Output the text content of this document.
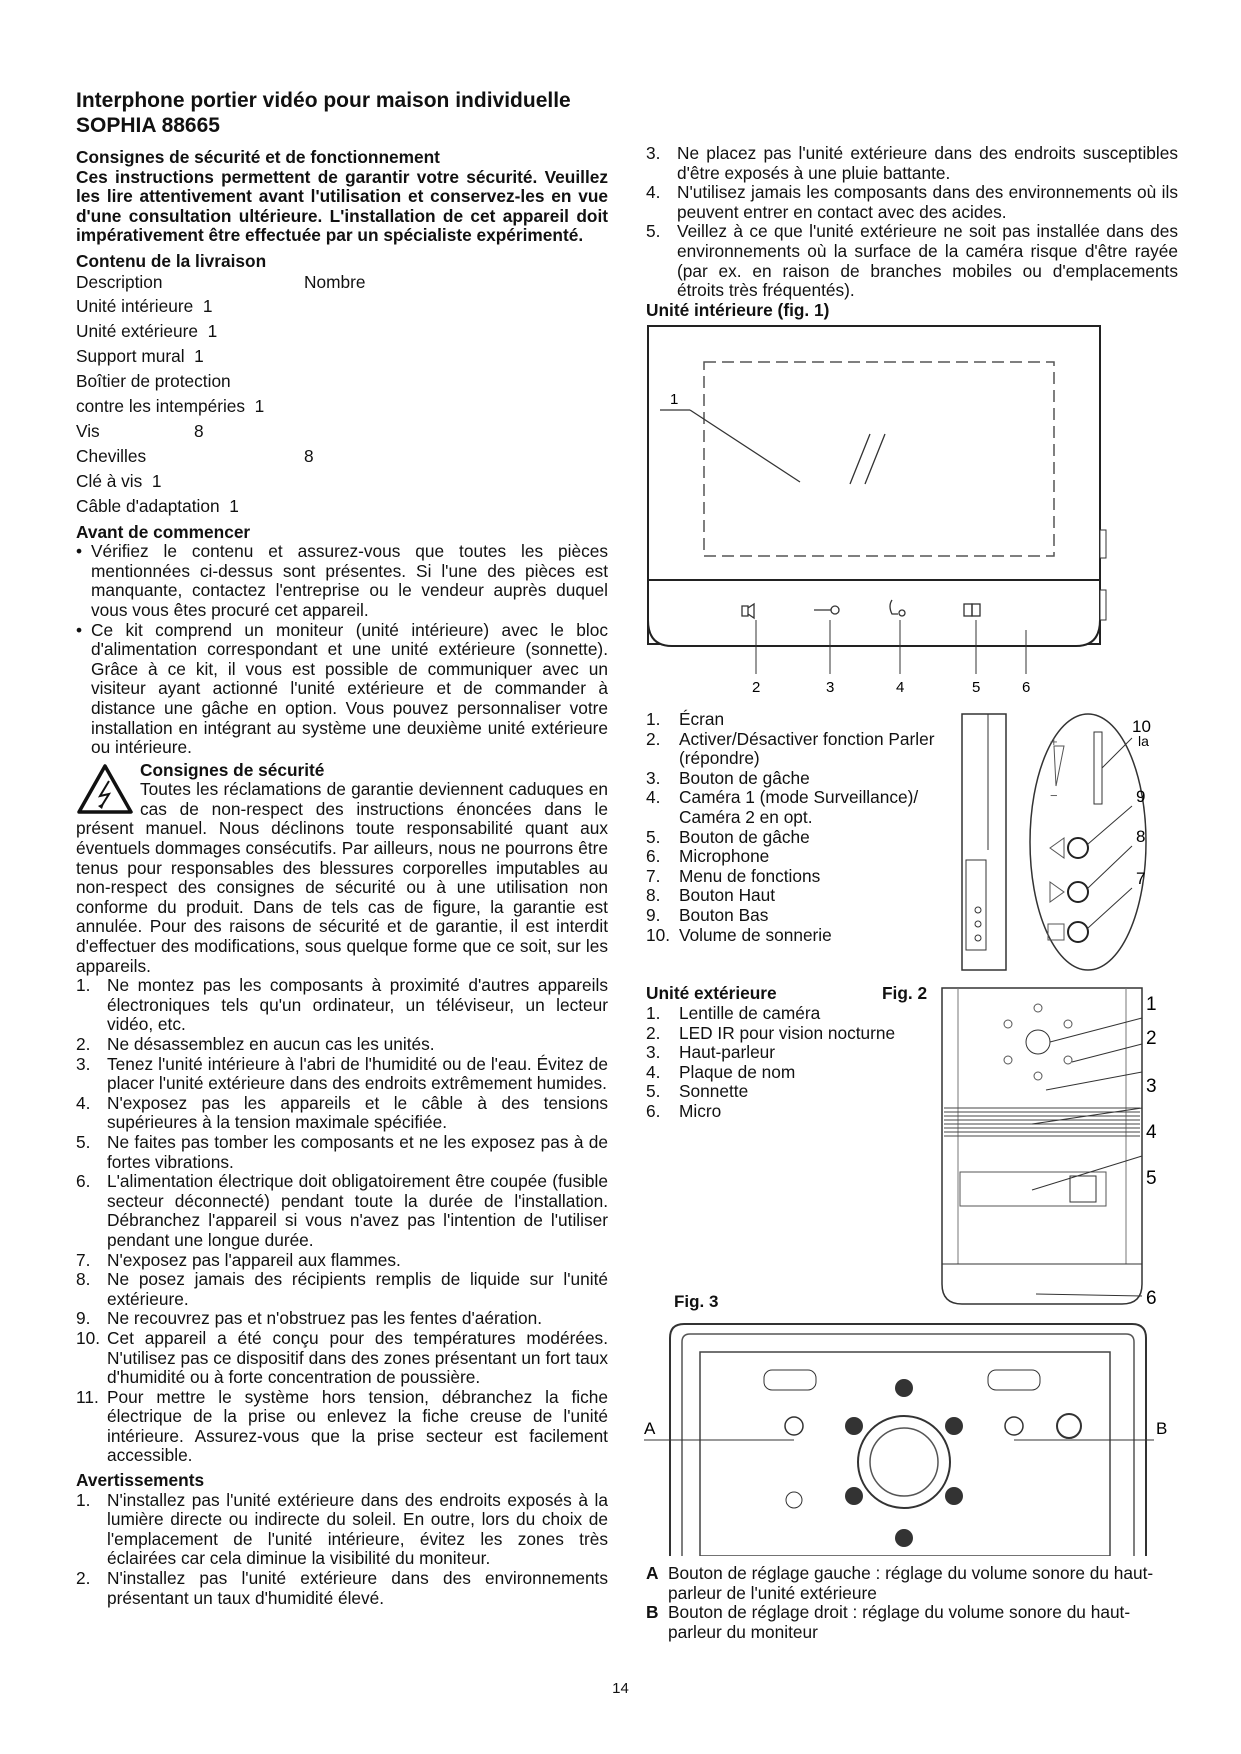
Interphone portier vidéo pour maison individuelle
SOPHIA 88665

Consignes de sécurité et de fonctionnement

Ces instructions permettent de garantir votre sécurité. Veuillez les lire attentivement avant l'utilisation et conservez-les en vue d'une consultation ultérieure. L'installation de cet appareil doit impérativement être effectuée par un spécialiste expérimenté.

Contenu de la livraison

Description	Nombre
Unité intérieure 1
Unité extérieure 1
Support mural 1
Boîtier de protection
contre les intempéries 1
Vis	8
Chevilles	8
Clé à vis 1
Câble d'adaptation 1

Avant de commencer

• Vérifiez le contenu et assurez-vous que toutes les pièces mentionnées ci-dessus sont présentes. Si l'une des pièces est manquante, contactez l'entreprise ou le vendeur auprès duquel vous vous êtes procuré cet appareil.
• Ce kit comprend un moniteur (unité intérieure) avec le bloc d'alimentation correspondant et une unité extérieure (sonnette). Grâce à ce kit, il vous est possible de communiquer avec un visiteur ayant actionné l'unité extérieure et de commander à distance une gâche en option. Vous pouvez personnaliser votre installation en intégrant au système une deuxième unité extérieure ou intérieure.

Consignes de sécurité

Toutes les réclamations de garantie deviennent caduques en cas de non-respect des instructions énoncées dans le présent manuel. Nous déclinons toute responsabilité quant aux éventuels dommages consécutifs. Par ailleurs, nous ne pourrons être tenus pour responsables des blessures corporelles imputables au non-respect des consignes de sécurité ou à une utilisation non conforme du produit. Dans de tels cas de figure, la garantie est annulée. Pour des raisons de sécurité et de garantie, il est interdit d'effectuer des modifications, sous quelque forme que ce soit, sur les appareils.

1. Ne montez pas les composants à proximité d'autres appareils électroniques tels qu'un ordinateur, un téléviseur, un lecteur vidéo, etc.
2. Ne désassemblez en aucun cas les unités.
3. Tenez l'unité intérieure à l'abri de l'humidité ou de l'eau. Évitez de placer l'unité extérieure dans des endroits extrêmement humides.
4. N'exposez pas les appareils et le câble à des tensions supérieures à la tension maximale spécifiée.
5. Ne faites pas tomber les composants et ne les exposez pas à de fortes vibrations.
6. L'alimentation électrique doit obligatoirement être coupée (fusible secteur déconnecté) pendant toute la durée de l'installation. Débranchez l'appareil si vous n'avez pas l'intention de l'utiliser pendant une longue durée.
7. N'exposez pas l'appareil aux flammes.
8. Ne posez jamais des récipients remplis de liquide sur l'unité extérieure.
9. Ne recouvrez pas et n'obstruez pas les fentes d'aération.
10. Cet appareil a été conçu pour des températures modérées. N'utilisez pas ce dispositif dans des zones présentant un fort taux d'humidité ou à forte concentration de poussière.
11. Pour mettre le système hors tension, débranchez la fiche électrique de la prise ou enlevez la fiche creuse de l'unité intérieure. Assurez-vous que la prise secteur est facilement accessible.

Avertissements

1. N'installez pas l'unité extérieure dans des endroits exposés à la lumière directe ou indirecte du soleil. En outre, lors du choix de l'emplacement de l'unité intérieure, évitez les zones très éclairées car cela diminue la visibilité du moniteur.
2. N'installez pas l'unité extérieure dans des environnements présentant un taux d'humidité élevé.
3. Ne placez pas l'unité extérieure dans des endroits susceptibles d'être exposés à une pluie battante.
4. N'utilisez jamais les composants dans des environnements où ils peuvent entrer en contact avec des acides.
5. Veillez à ce que l'unité extérieure ne soit pas installée dans des environnements où la surface de la caméra risque d'être rayée (par ex. en raison de branches mobiles ou d'emplacements étroits très fréquentés).

Unité intérieure (fig. 1)

1
2	3	4	5	6
1. Écran
2. Activer/Désactiver fonction Parler (répondre)
3. Bouton de gâche
4. Caméra 1 (mode Surveillance)/ Caméra 2 en opt.
5. Bouton de gâche
6. Microphone
7. Menu de fonctions
8. Bouton Haut
9. Bouton Bas
10. Volume de sonnerie
+
−
10
la
9
8
7
Unité extérieure	Fig. 2
1. Lentille de caméra
2. LED IR pour vision nocturne
3. Haut-parleur
4. Plaque de nom
5. Sonnette
6. Micro
1
2
3
4
5
6
Fig. 3
A	B
A Bouton de réglage gauche : réglage du volume sonore du haut-parleur de l'unité extérieure
B Bouton de réglage droit : réglage du volume sonore du haut-parleur du moniteur
14
